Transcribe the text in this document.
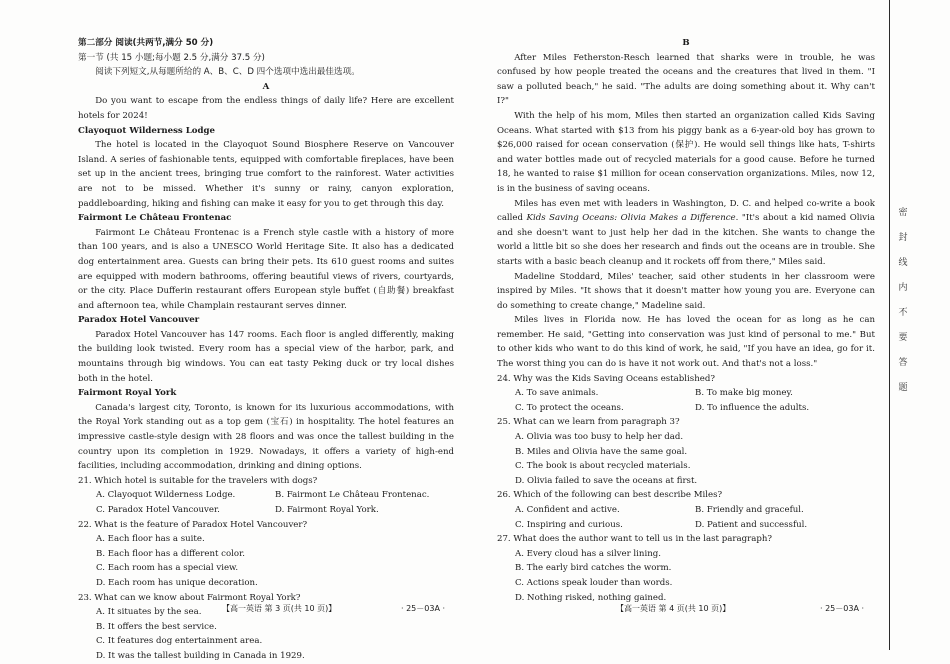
第二部分 阅读(共两节,满分 50 分)

第一节 (共 15 小题;每小题 2.5 分,满分 37.5 分)

阅读下列短文,从每题所给的 A、B、C、D 四个选项中选出最佳选项。

A

Do you want to escape from the endless things of daily life? Here are excellent hotels for 2024!

Clayoquot Wilderness Lodge

The hotel is located in the Clayoquot Sound Biosphere Reserve on Vancouver Island. A series of fashionable tents, equipped with comfortable fireplaces, have been set up in the ancient trees, bringing true comfort to the rainforest. Water activities are not to be missed. Whether it's sunny or rainy, canyon exploration, paddleboarding, hiking and fishing can make it easy for you to get through this day.

Fairmont Le Château Frontenac

Fairmont Le Château Frontenac is a French style castle with a history of more than 100 years, and is also a UNESCO World Heritage Site. It also has a dedicated dog entertainment area. Guests can bring their pets. Its 610 guest rooms and suites are equipped with modern bathrooms, offering beautiful views of rivers, courtyards, or the city. Place Dufferin restaurant offers European style buffet (自助餐) breakfast and afternoon tea, while Champlain restaurant serves dinner.

Paradox Hotel Vancouver

Paradox Hotel Vancouver has 147 rooms. Each floor is angled differently, making the building look twisted. Every room has a special view of the harbor, park, and mountains through big windows. You can eat tasty Peking duck or try local dishes both in the hotel.

Fairmont Royal York

Canada's largest city, Toronto, is known for its luxurious accommodations, with the Royal York standing out as a top gem (宝石) in hospitality. The hotel features an impressive castle-style design with 28 floors and was once the tallest building in the country upon its completion in 1929. Nowadays, it offers a variety of high-end facilities, including accommodation, drinking and dining options.

21. Which hotel is suitable for the travelers with dogs?

A. Clayoquot Wilderness Lodge.	B. Fairmont Le Château Frontenac.
C. Paradox Hotel Vancouver.	D. Fairmont Royal York.

22. What is the feature of Paradox Hotel Vancouver?

A. Each floor has a suite.

B. Each floor has a different color.

C. Each room has a special view.

D. Each room has unique decoration.

23. What can we know about Fairmont Royal York?

A. It situates by the sea.

B. It offers the best service.

C. It features dog entertainment area.

D. It was the tallest building in Canada in 1929.

B

After Miles Fetherston-Resch learned that sharks were in trouble, he was confused by how people treated the oceans and the creatures that lived in them. "I saw a polluted beach," he said. "The adults are doing something about it. Why can't I?"

With the help of his mom, Miles then started an organization called Kids Saving Oceans. What started with $13 from his piggy bank as a 6-year-old boy has grown to $26,000 raised for ocean conservation (保护). He would sell things like hats, T-shirts and water bottles made out of recycled materials for a good cause. Before he turned 18, he wanted to raise $1 million for ocean conservation organizations. Miles, now 12, is in the business of saving oceans.

Miles has even met with leaders in Washington, D. C. and helped co-write a book called Kids Saving Oceans: Olivia Makes a Difference. "It's about a kid named Olivia and she doesn't want to just help her dad in the kitchen. She wants to change the world a little bit so she does her research and finds out the oceans are in trouble. She starts with a basic beach cleanup and it rockets off from there," Miles said.

Madeline Stoddard, Miles' teacher, said other students in her classroom were inspired by Miles. "It shows that it doesn't matter how young you are. Everyone can do something to create change," Madeline said.

Miles lives in Florida now. He has loved the ocean for as long as he can remember. He said, "Getting into conservation was just kind of personal to me." But to other kids who want to do this kind of work, he said, "If you have an idea, go for it. The worst thing you can do is have it not work out. And that's not a loss."

24. Why was the Kids Saving Oceans established?

A. To save animals.	B. To make big money.
C. To protect the oceans.	D. To influence the adults.

25. What can we learn from paragraph 3?

A. Olivia was too busy to help her dad.

B. Miles and Olivia have the same goal.

C. The book is about recycled materials.

D. Olivia failed to save the oceans at first.

26. Which of the following can best describe Miles?

A. Confident and active.	B. Friendly and graceful.
C. Inspiring and curious.	D. Patient and successful.

27. What does the author want to tell us in the last paragraph?

A. Every cloud has a silver lining.

B. The early bird catches the worm.

C. Actions speak louder than words.

D. Nothing risked, nothing gained.

【高一英语 第 3 页(共 10 页)】	· 25－03A ·	【高一英语 第 4 页(共 10 页)】	· 25－03A ·
密
封
线
内
不
要
答
题
